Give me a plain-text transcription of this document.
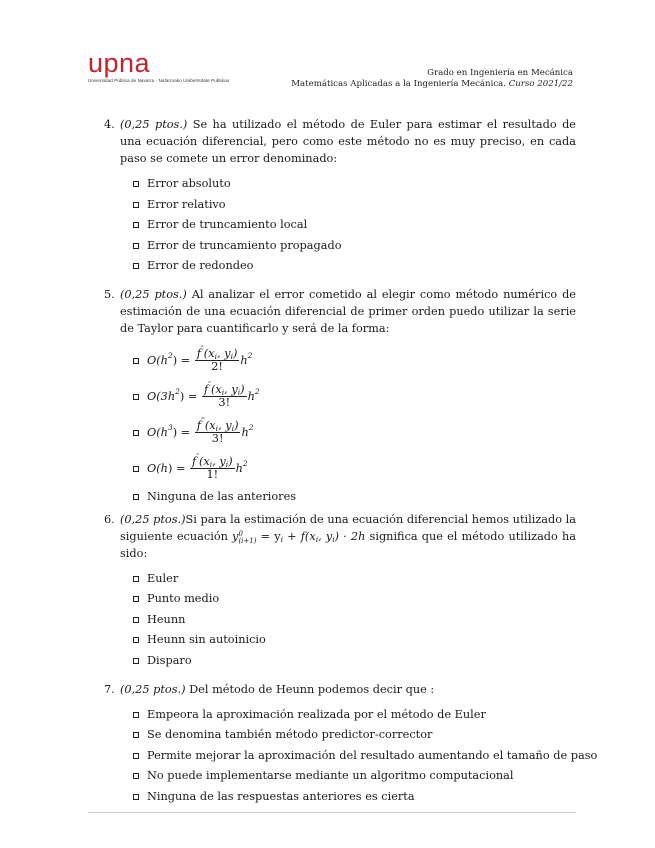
upna
Universidad Pública de Navarra · Nafarroako Unibertsitate Publikoa
Grado en Ingeniería en Mecánica
Matemáticas Aplicadas a la Ingeniería Mecánica. Curso 2021/22
4. (0,25 ptos.) Se ha utilizado el método de Euler para estimar el resultado de una ecuación diferencial, pero como este método no es muy preciso, en cada paso se comete un error denominado:
Error absoluto
Error relativo
Error de truncamiento local
Error de truncamiento propagado
Error de redondeo
5. (0,25 ptos.) Al analizar el error cometido al elegir como método numérico de estimación de una ecuación diferencial de primer orden puedo utilizar la serie de Taylor para cuantificarlo y será de la forma:
$O(h^2) = \frac{f''(x_i, y_i)}{2!} h^2$
$O(3h^2) = \frac{f''(x_i, y_i)}{3!} h^2$
$O(h^3) = \frac{f^‴(x_i, y_i)}{3!} h^2$
$O(h) = \frac{f''(x_i, y_i)}{1!} h^2$
Ninguna de las anteriores
6. (0,25 ptos.)Si para la estimación de una ecuación diferencial hemos utilizado la siguiente ecuación y 0
$(i+1) = y_i + f(x_i$, $y_i) \cdot 2h$ significa que el método utilizado ha sido:
Euler
Punto medio
Heunn
Heunn sin autoinicio
Disparo
7. (0,25 ptos.) Del método de Heunn podemos decir que :
Empeora la aproximación realizada por el método de Euler
Se denomina también método predictor-corrector
Permite mejorar la aproximación del resultado aumentando el tamaño de paso
No puede implementarse mediante un algoritmo computacional
Ninguna de las respuestas anteriores es cierta
